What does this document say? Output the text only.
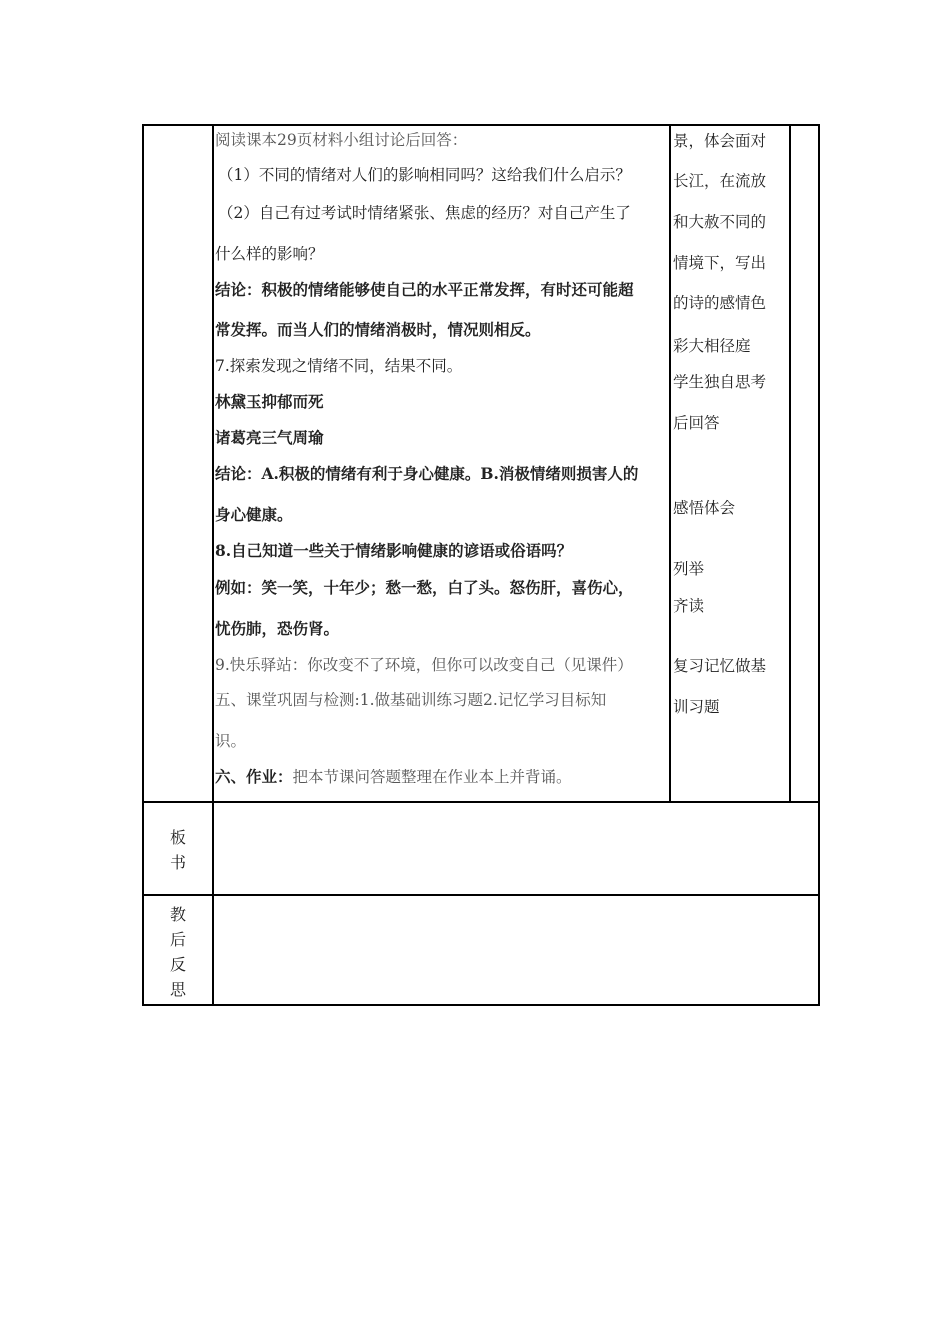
阅读课本29页材料小组讨论后回答：
（1）不同的情绪对人们的影响相同吗？这给我们什么启示？
（2）自己有过考试时情绪紧张、焦虑的经历？对自己产生了
什么样的影响？
结论：积极的情绪能够使自己的水平正常发挥，有时还可能超
常发挥。而当人们的情绪消极时，情况则相反。
7.探索发现之情绪不同，结果不同。
林黛玉抑郁而死
诸葛亮三气周瑜
结论：A.积极的情绪有利于身心健康。B.消极情绪则损害人的
身心健康。
8.自己知道一些关于情绪影响健康的谚语或俗语吗？
例如：笑一笑，十年少；愁一愁，白了头。怒伤肝，喜伤心，
忧伤肺，恐伤肾。
9.快乐驿站：你改变不了环境，但你可以改变自己（见课件）
五、课堂巩固与检测:1.做基础训练习题2.记忆学习目标知
识。
六、作业：把本节课问答题整理在作业本上并背诵。
景，体会面对
长江，在流放
和大赦不同的
情境下，写出
的诗的感情色
彩大相径庭
学生独自思考
后回答
感悟体会
列举
齐读
复习记忆做基
训习题
板
书
教
后
反
思
